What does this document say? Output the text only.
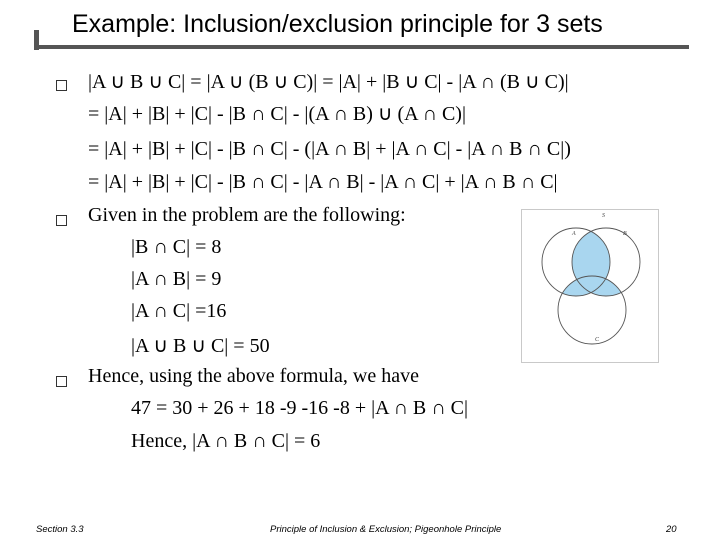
Example: Inclusion/exclusion principle for 3 sets
|A ∪ B ∪ C| = |A ∪ (B ∪ C)| = |A| + |B ∪ C| - |A ∩ (B ∪ C)|
= |A| + |B| + |C| - |B ∩ C| - |(A ∩ B) ∪ (A ∩ C)|
= |A| + |B| + |C| - |B ∩ C| - (|A ∩ B| + |A ∩ C| - |A ∩ B ∩ C|)
= |A| + |B| + |C| - |B ∩ C| - |A ∩ B| - |A ∩ C| + |A ∩ B ∩ C|
Given in the problem are the following:
|B ∩ C| = 8
|A ∩ B| = 9
|A ∩ C| =16
|A ∪ B ∪ C| = 50
Hence, using the above formula, we have
47 = 30 + 26 + 18 -9 -16 -8 + |A ∩ B ∩ C|
Hence, |A ∩ B ∩ C| = 6
S
A	B
C
Section 3.3	Principle of Inclusion & Exclusion; Pigeonhole Principle	20
